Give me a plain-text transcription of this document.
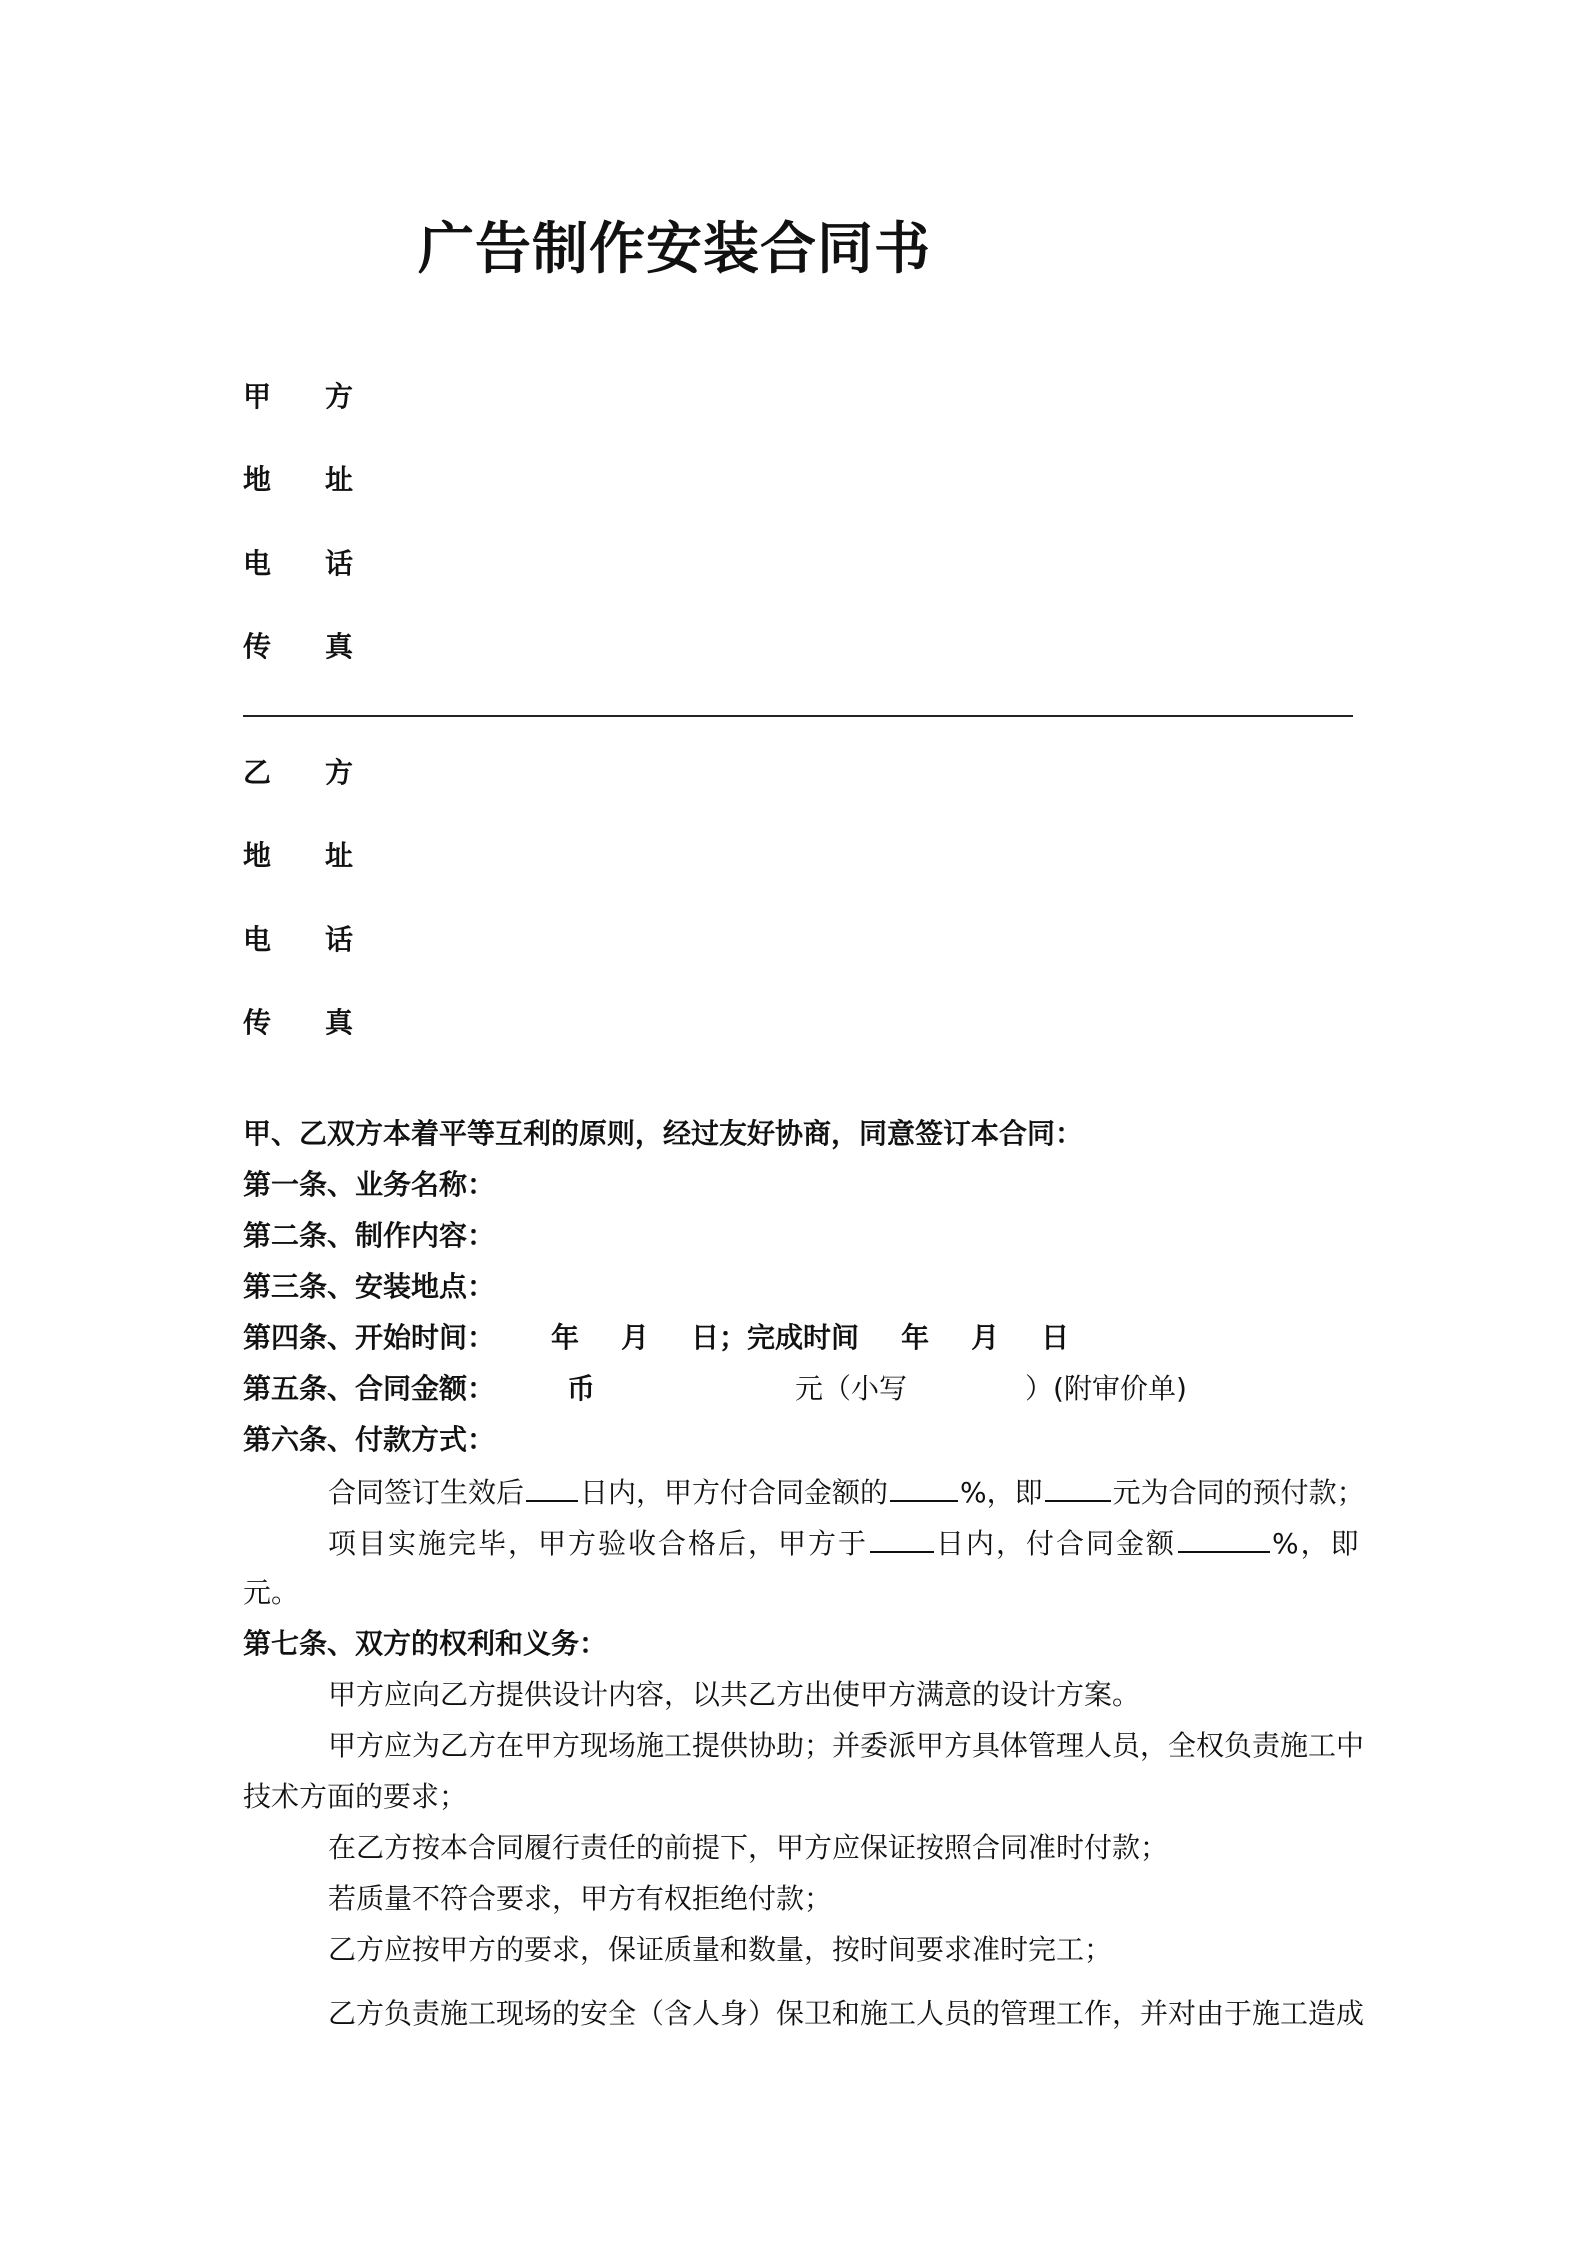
广告制作安装合同书
甲 方
地 址
电 话
传 真
乙 方
地 址
电 话
传 真
甲、乙双方本着平等互利的原则，经过友好协商，同意签订本合同：
第一条、业务名称：
第二条、制作内容：
第三条、安装地点：
第四条、开始时间： 年 月 日；完成时间 年 月 日
第五条、合同金额：	币	元（小写	）(附审价单)
第六条、付款方式：
合同签订生效后 日内，甲方付合同金额的	%，即	元为合同的预付款；
项目实施完毕，甲方验收合格后，甲方于 日内，付合同金额	%，即
元。
第七条、双方的权利和义务：
甲方应向乙方提供设计内容，以共乙方出使甲方满意的设计方案。
甲方应为乙方在甲方现场施工提供协助；并委派甲方具体管理人员，全权负责施工中
技术方面的要求；
在乙方按本合同履行责任的前提下，甲方应保证按照合同准时付款；
若质量不符合要求，甲方有权拒绝付款；
乙方应按甲方的要求，保证质量和数量，按时间要求准时完工；
乙方负责施工现场的安全（含人身）保卫和施工人员的管理工作，并对由于施工造成
